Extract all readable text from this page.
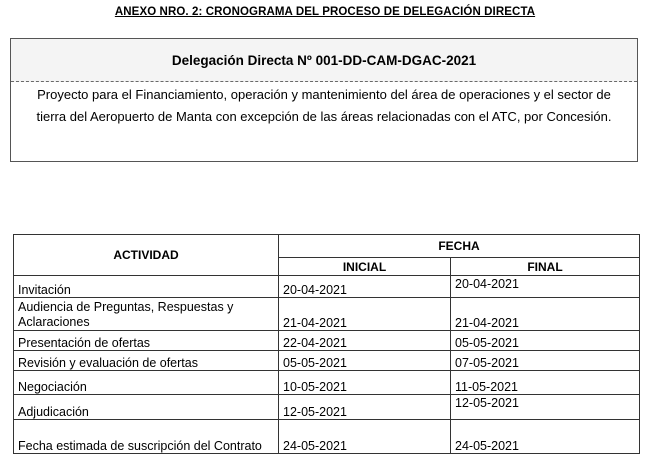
ANEXO NRO. 2: CRONOGRAMA DEL PROCESO DE DELEGACIÓN DIRECTA
Delegación Directa Nº 001-DD-CAM-DGAC-2021
Proyecto para el Financiamiento, operación y mantenimiento del área de operaciones y el sector de tierra del Aeropuerto de Manta con excepción de las áreas relacionadas con el ATC, por Concesión.
ACTIVIDAD	FECHA	
	INICIAL	FINAL
Invitación	20-04-2021	20-04-2021
Audiencia de Preguntas, Respuestas y Aclaraciones	21-04-2021	21-04-2021
Presentación de ofertas	22-04-2021	05-05-2021
Revisión y evaluación de ofertas	05-05-2021	07-05-2021
Negociación	10-05-2021	11-05-2021
Adjudicación	12-05-2021	12-05-2021
Fecha estimada de suscripción del Contrato	24-05-2021	24-05-2021
